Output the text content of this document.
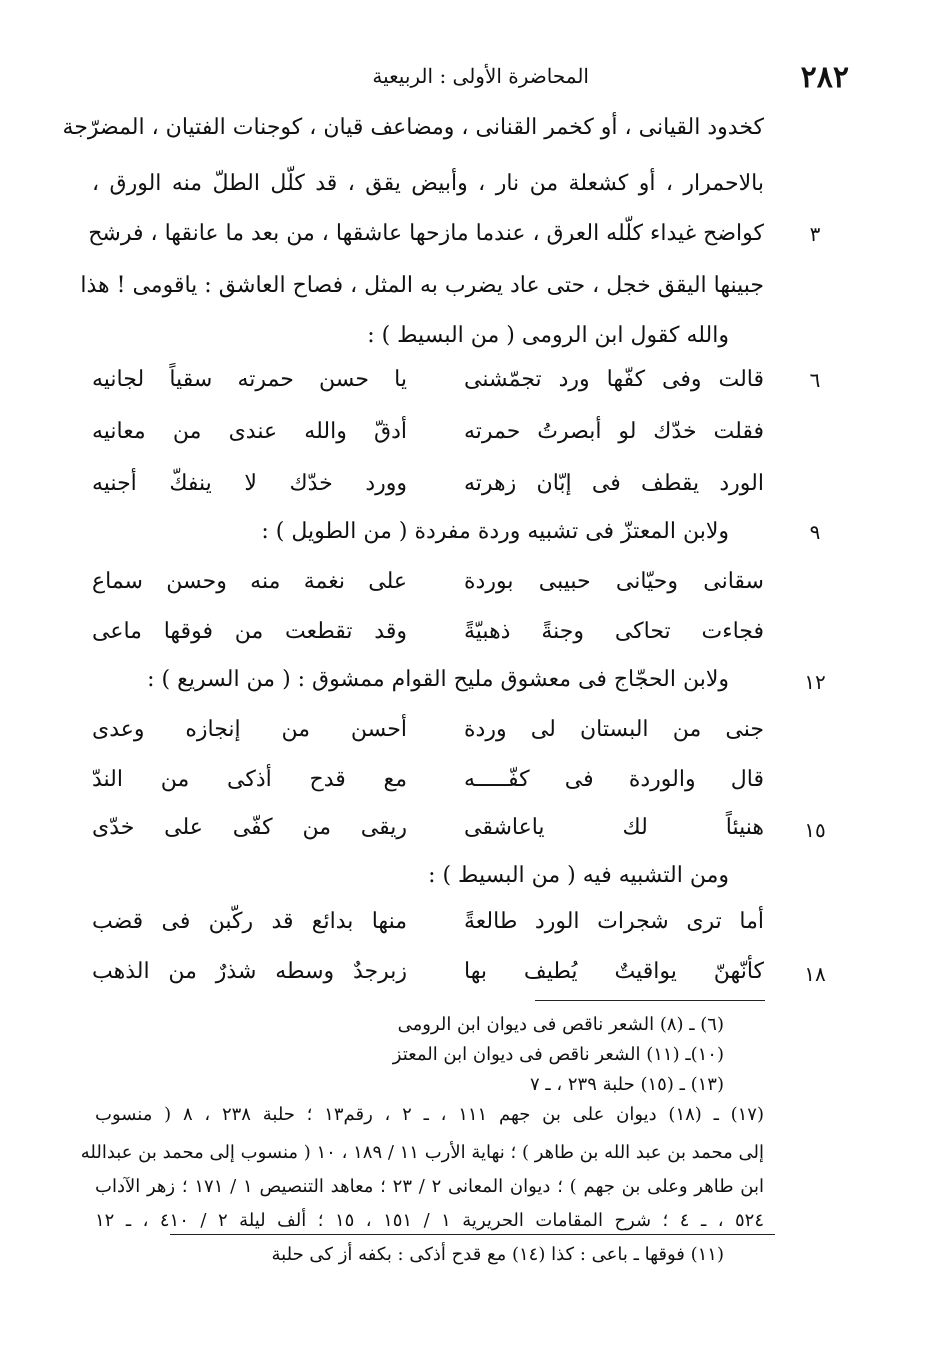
٢٨٢
المحاضرة الأولى : الربيعية
كخدود القيانى ، أو كخمر القنانى ، ومضاعف قيان ، كوجنات الفتيان ، المضرّجة
بالاحمرار ، أو كشعلة من نار ، وأبيض يقق ، قد كلّل الطلّ منه الورق ،
كواضح غيداء كلّله العرق ، عندما مازحها عاشقها ، من بعد ما عانقها ، فرشح	٣
جبينها اليقق خجل ، حتى عاد يضرب به المثل ، فصاح العاشق : ياقومى ! هذا
والله كقول ابن الرومى ( من البسيط ) :
قالت وفى كفّها ورد تجمّشنى
يا حسن حمرته سقياً لجانيه	٦
فقلت خدّك لو أبصرتُ حمرته
أدقّ والله عندى من معانيه
الورد يقطف فى إبّان زهرته
وورد خدّك لا ينفكّ أجنيه
ولابن المعتزّ فى تشبيه وردة مفردة ( من الطويل ) :	٩
سقانى وحيّانى حبيبى بوردة
على نغمة منه وحسن سماع
فجاءت تحاكى وجنةً ذهبيّةً
وقد تقطعت من فوقها ماعى
ولابن الحجّاج فى معشوق مليح القوام ممشوق : ( من السريع ) :	١٢
جنى من البستان لى وردة
أحسن من إنجازه وعدى
قال والوردة فى كفّـــــه
مع قدح أذكى من الندّ
هنيئاً لك ياعاشقى
ريقى من كفّى على خدّى	١٥
ومن التشبيه فيه ( من البسيط ) :
أما ترى شجرات الورد طالعةً
منها بدائع قد ركّبن فى قضب
كأنّهنّ يواقيتٌ يُطيف بها
زبرجدٌ وسطه شذرٌ من الذهب	١٨
(٦) ـ (٨) الشعر ناقص فى ديوان ابن الرومى
(١٠)ـ (١١) الشعر ناقص فى ديوان ابن المعتز
(١٣) ـ (١٥) حلبة ٢٣٩ ، ـ ٧
(١٧) ـ (١٨) ديوان على بن جهم ١١١ ، ـ ٢ ، رقم١٣ ؛ حلبة ٢٣٨ ، ٨ ( منسوب
إلى محمد بن عبد الله بن طاهر ) ؛ نهاية الأرب ١١ / ١٨٩ ، ١٠ ( منسوب إلى محمد بن عبدالله
ابن طاهر وعلى بن جهم ) ؛ ديوان المعانى ٢ / ٢٣ ؛ معاهد التنصيص ١ / ١٧١ ؛ زهر الآداب
٥٢٤ ، ـ ٤ ؛ شرح المقامات الحريرية ١ / ١٥١ ، ١٥ ؛ ألف ليلة ٢ / ٤١٠ ، ـ ١٢
(١١) فوقها ـ باعى : كذا (١٤) مع قدح أذكى : بكفه أز كى حلبة
